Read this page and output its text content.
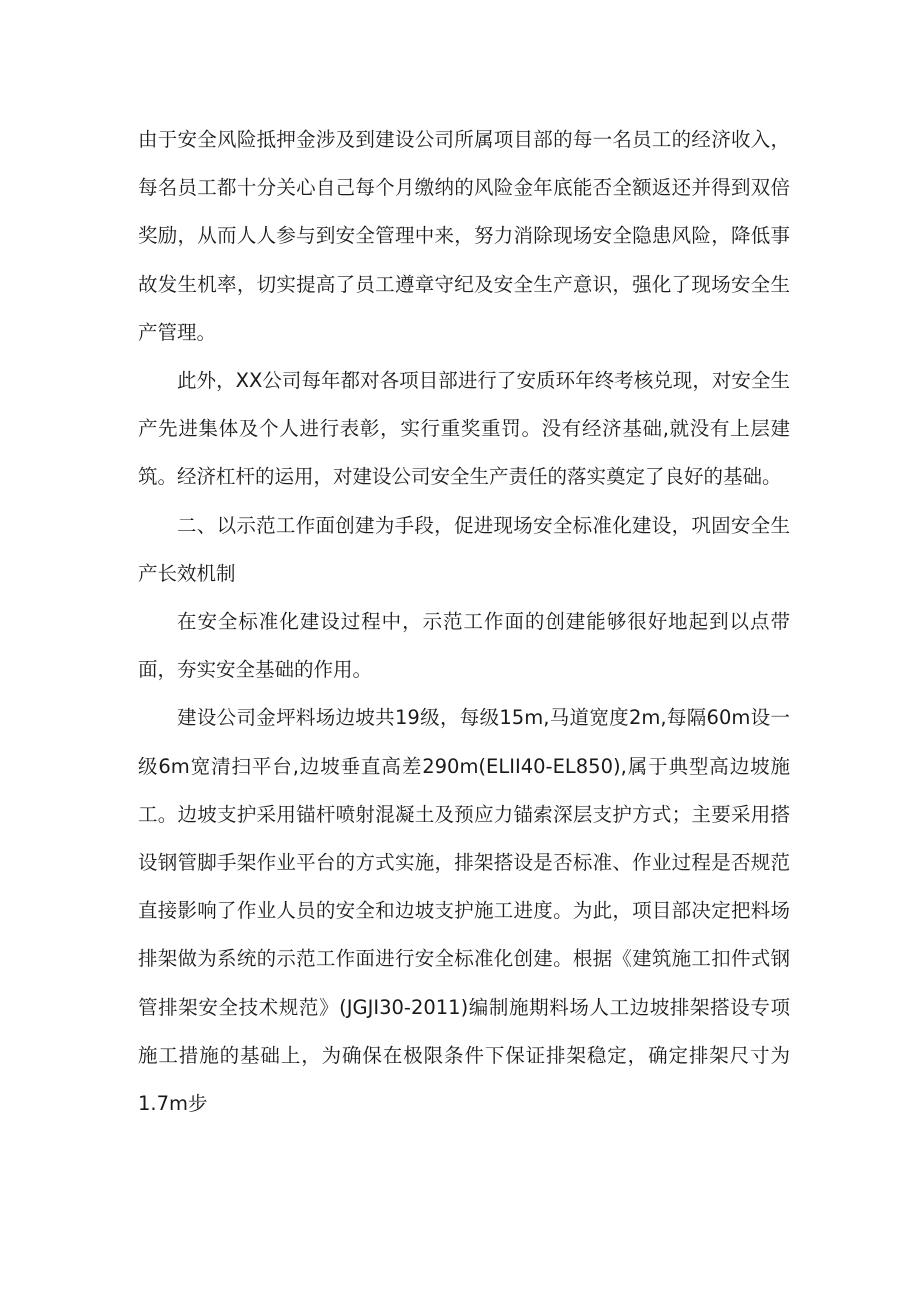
由于安全风险抵押金涉及到建设公司所属项目部的每一名员工的经济收入，每名员工都十分关心自己每个月缴纳的风险金年底能否全额返还并得到双倍奖励，从而人人参与到安全管理中来，努力消除现场安全隐患风险，降低事故发生机率，切实提高了员工遵章守纪及安全生产意识，强化了现场安全生产管理。

此外，XX公司每年都对各项目部进行了安质环年终考核兑现，对安全生产先进集体及个人进行表彰，实行重奖重罚。没有经济基础,就没有上层建筑。经济杠杆的运用，对建设公司安全生产责任的落实奠定了良好的基础。

二、以示范工作面创建为手段，促进现场安全标准化建设，巩固安全生产长效机制

在安全标准化建设过程中，示范工作面的创建能够很好地起到以点带面，夯实安全基础的作用。

建设公司金坪料场边坡共19级，每级15m,马道宽度2m,每隔60m设一级6m宽清扫平台,边坡垂直高差290m(ELII40-EL850),属于典型高边坡施工。边坡支护采用锚杆喷射混凝土及预应力锚索深层支护方式；主要采用搭设钢管脚手架作业平台的方式实施，排架搭设是否标准、作业过程是否规范直接影响了作业人员的安全和边坡支护施工进度。为此，项目部决定把料场排架做为系统的示范工作面进行安全标准化创建。根据《建筑施工扣件式钢管排架安全技术规范》(JGJI30-2011)编制施期料场人工边坡排架搭设专项施工措施的基础上，为确保在极限条件下保证排架稳定，确定排架尺寸为1.7m步
